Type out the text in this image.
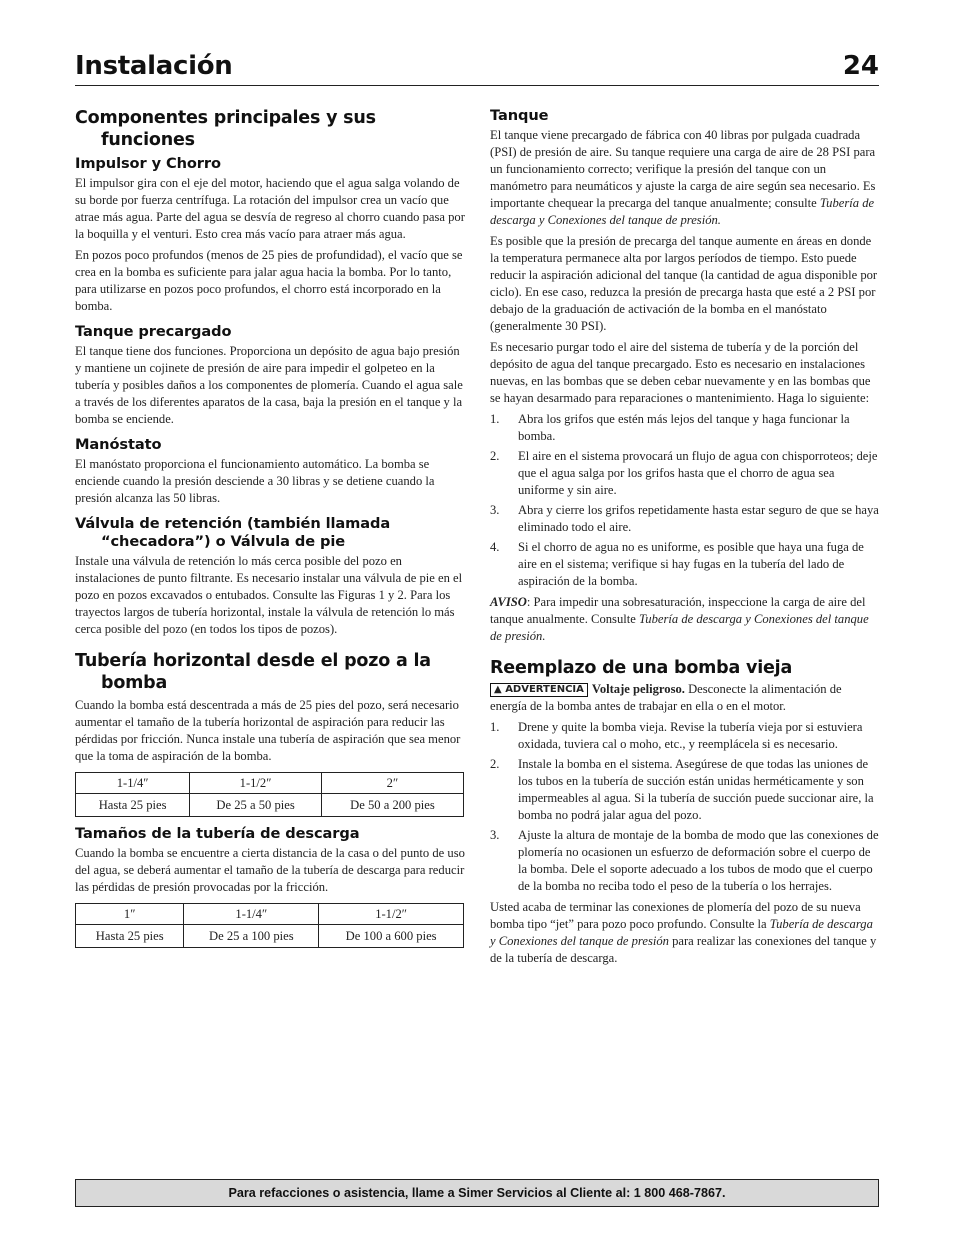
Instalación	24
Componentes principales y sus funciones
Impulsor y Chorro

El impulsor gira con el eje del motor, haciendo que el agua salga volando de su borde por fuerza centrífuga. La rotación del impulsor crea un vacío que atrae más agua. Parte del agua se desvía de regreso al chorro cuando pasa por la boquilla y el venturi. Esto crea más vacío para atraer más agua.

En pozos poco profundos (menos de 25 pies de profundidad), el vacío que se crea en la bomba es suficiente para jalar agua hacia la bomba. Por lo tanto, para utilizarse en pozos poco profundos, el chorro está incorporado en la bomba.

Tanque precargado

El tanque tiene dos funciones. Proporciona un depósito de agua bajo presión y mantiene un cojinete de presión de aire para impedir el golpeteo en la tubería y posibles daños a los componentes de plomería. Cuando el agua sale a través de los diferentes aparatos de la casa, baja la presión en el tanque y la bomba se enciende.

Manóstato

El manóstato proporciona el funcionamiento automático. La bomba se enciende cuando la presión desciende a 30 libras y se detiene cuando la presión alcanza las 50 libras.

Válvula de retención (también llamada “checadora”) o Válvula de pie

Instale una válvula de retención lo más cerca posible del pozo en instalaciones de punto filtrante. Es necesario instalar una válvula de pie en el pozo en pozos excavados o entubados. Consulte las Figuras 1 y 2. Para los trayectos largos de tubería horizontal, instale la válvula de retención lo más cerca posible del pozo (en todos los tipos de pozos).

Tubería horizontal desde el pozo a la bomba

Cuando la bomba está descentrada a más de 25 pies del pozo, será necesario aumentar el tamaño de la tubería horizontal de aspiración para reducir las pérdidas por fricción. Nunca instale una tubería de aspiración que sea menor que la toma de aspiración de la bomba.

1-1/4″	1-1/2″	2″
Hasta 25 pies	De 25 a 50 pies	De 50 a 200 pies
Tamaños de la tubería de descarga

Cuando la bomba se encuentre a cierta distancia de la casa o del punto de uso del agua, se deberá aumentar el tamaño de la tubería de descarga para reducir las pérdidas de presión provocadas por la fricción.

1″	1-1/4″	1-1/2″
Hasta 25 pies	De 25 a 100 pies	De 100 a 600 pies
Tanque

El tanque viene precargado de fábrica con 40 libras por pulgada cuadrada (PSI) de presión de aire. Su tanque requiere una carga de aire de 28 PSI para un funcionamiento correcto; verifique la presión del tanque con un manómetro para neumáticos y ajuste la carga de aire según sea necesario. Es importante chequear la precarga del tanque anualmente; consulte Tubería de descarga y Conexiones del tanque de presión.

Es posible que la presión de precarga del tanque aumente en áreas en donde la temperatura permanece alta por largos períodos de tiempo. Esto puede reducir la aspiración adicional del tanque (la cantidad de agua disponible por ciclo). En ese caso, reduzca la presión de precarga hasta que esté a 2 PSI por debajo de la graduación de activación de la bomba en el manóstato (generalmente 30 PSI).

Es necesario purgar todo el aire del sistema de tubería y de la porción del depósito de agua del tanque precargado. Esto es necesario en instalaciones nuevas, en las bombas que se deben cebar nuevamente y en las bombas que se hayan desarmado para reparaciones o mantenimiento. Haga lo siguiente:

1. Abra los grifos que estén más lejos del tanque y haga funcionar la bomba.
2. El aire en el sistema provocará un flujo de agua con chisporroteos; deje que el agua salga por los grifos hasta que el chorro de agua sea uniforme y sin aire.
3. Abra y cierre los grifos repetidamente hasta estar seguro de que se haya eliminado todo el aire.
4. Si el chorro de agua no es uniforme, es posible que haya una fuga de aire en el sistema; verifique si hay fugas en la tubería del lado de aspiración de la bomba.

AVISO: Para impedir una sobresaturación, inspeccione la carga de aire del tanque anualmente. Consulte Tubería de descarga y Conexiones del tanque de presión.

Reemplazo de una bomba vieja

▲ ADVERTENCIA Voltaje peligroso. Desconecte la alimentación de energía de la bomba antes de trabajar en ella o en el motor.

1. Drene y quite la bomba vieja. Revise la tubería vieja por si estuviera oxidada, tuviera cal o moho, etc., y reemplácela si es necesario.
2. Instale la bomba en el sistema. Asegúrese de que todas las uniones de los tubos en la tubería de succión están unidas herméticamente y son impermeables al agua. Si la tubería de succión puede succionar aire, la bomba no podrá jalar agua del pozo.
3. Ajuste la altura de montaje de la bomba de modo que las conexiones de plomería no ocasionen un esfuerzo de deformación sobre el cuerpo de la bomba. Dele el soporte adecuado a los tubos de modo que el cuerpo de la bomba no reciba todo el peso de la tubería o los herrajes.

Usted acaba de terminar las conexiones de plomería del pozo de su nueva bomba tipo “jet” para pozo poco profundo. Consulte la Tubería de descarga y Conexiones del tanque de presión para realizar las conexiones del tanque y de la tubería de descarga.

Para refacciones o asistencia, llame a Simer Servicios al Cliente al: 1 800 468-7867.
